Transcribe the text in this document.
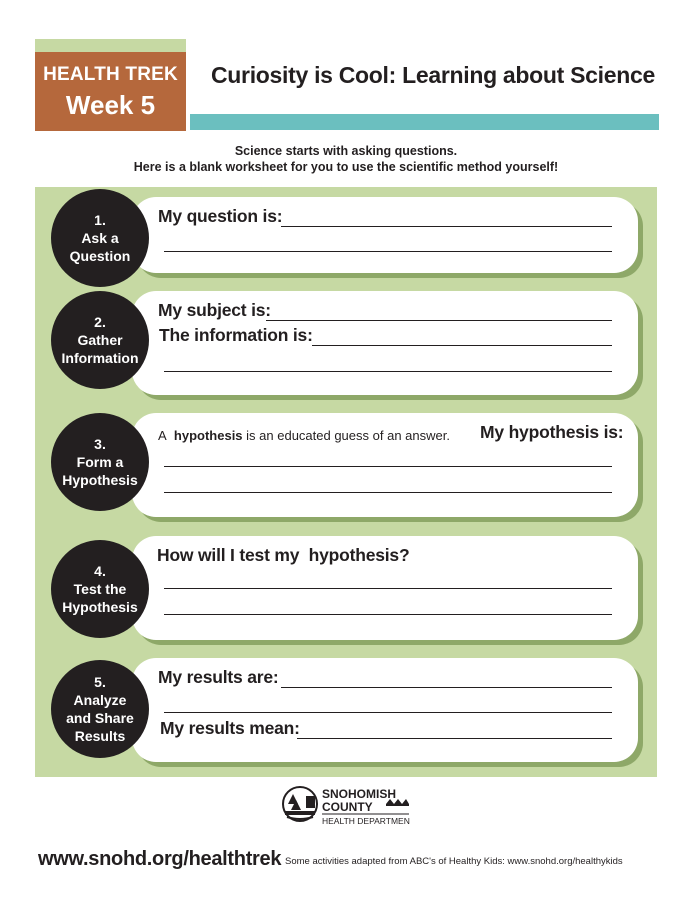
HEALTH TREK
Week 5
Curiosity is Cool: Learning about Science
Science starts with asking questions.
Here is a blank worksheet for you to use the scientific method yourself!
1.
Ask a
Question
My question is:
2.
Gather
Information
My subject is:
The information is:
3.
Form a
Hypothesis
A hypothesis is an educated guess of an answer. My hypothesis is:
4.
Test the
Hypothesis
How will I test my  hypothesis?
5.
Analyze
and Share
Results
My results are:
My results mean:
SNOHOMISH
COUNTY
HEALTH DEPARTMENT
www.snohd.org/healthtrek Some activities adapted from ABC's of Healthy Kids: www.snohd.org/healthykids
